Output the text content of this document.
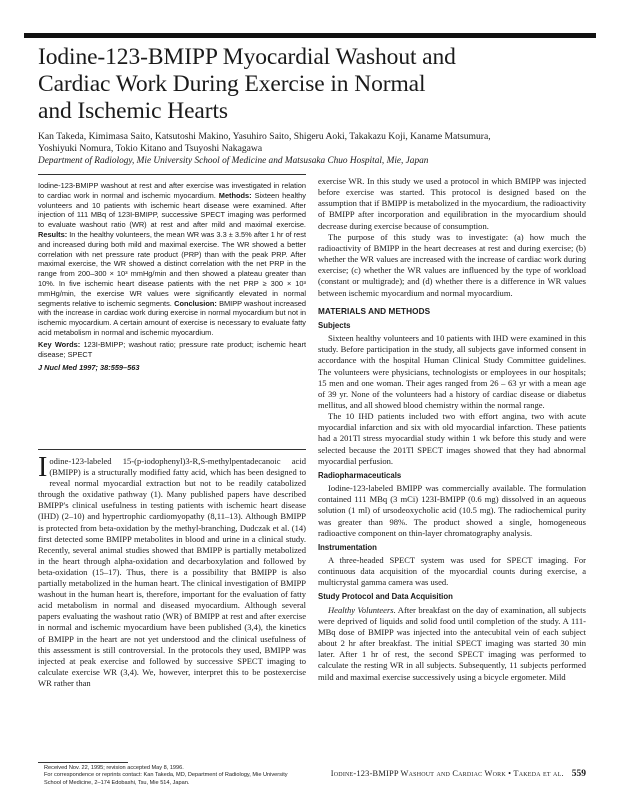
Iodine-123-BMIPP Myocardial Washout and
Cardiac Work During Exercise in Normal
and Ischemic Hearts
Kan Takeda, Kimimasa Saito, Katsutoshi Makino, Yasuhiro Saito, Shigeru Aoki, Takakazu Koji, Kaname Matsumura,
Yoshiyuki Nomura, Tokio Kitano and Tsuyoshi Nakagawa
Department of Radiology, Mie University School of Medicine and Matsusaka Chuo Hospital, Mie, Japan

Iodine-123-BMIPP washout at rest and after exercise was investigated in relation to cardiac work in normal and ischemic myocardium. Methods: Sixteen healthy volunteers and 10 patients with ischemic heart disease were examined. After injection of 111 MBq of 123I-BMIPP, successive SPECT imaging was performed to evaluate washout ratio (WR) at rest and after mild and maximal exercise. Results: In the healthy volunteers, the mean WR was 3.3 ± 3.5% after 1 hr of rest and increased during both mild and maximal exercise. The WR showed a better correlation with net pressure rate product (PRP) than with the peak PRP. After maximal exercise, the WR showed a distinct correlation with the net PRP in the range from 200–300 × 10³ mmHg/min and then showed a plateau greater than 10%. In five ischemic heart disease patients with the net PRP ≥ 300 × 10³ mmHg/min, the exercise WR values were significantly elevated in normal segments relative to ischemic segments. Conclusion: BMIPP washout increased with the increase in cardiac work during exercise in normal myocardium but not in ischemic myocardium. A certain amount of exercise is necessary to evaluate fatty acid metabolism in normal and ischemic myocardium.

Key Words: 123I-BMIPP; washout ratio; pressure rate product; ischemic heart disease; SPECT

J Nucl Med 1997; 38:559–563

Iodine-123-labeled 15-(p-iodophenyl)3-R,S-methylpentadecanoic acid (BMIPP) is a structurally modified fatty acid, which has been designed to reveal normal myocardial extraction but not to be readily catabolized through the oxidative pathway (1). Many published papers have described BMIPP's clinical usefulness in testing patients with ischemic heart disease (IHD) (2–10) and hypertrophic cardiomyopathy (8,11–13). Although BMIPP is protected from beta-oxidation by the methyl-branching, Dudczak et al. (14) first detected some BMIPP metabolites in blood and urine in a clinical study. Recently, several animal studies showed that BMIPP is partially metabolized in the heart through alpha-oxidation and decarboxylation and followed by beta-oxidation (15–17). Thus, there is a possibility that BMIPP is also partially metabolized in the human heart. The clinical investigation of BMIPP washout in the human heart is, therefore, important for the evaluation of fatty acid metabolism in normal and diseased myocardium. Although several papers evaluating the washout ratio (WR) of BMIPP at rest and after exercise in normal and ischemic myocardium have been published (3,4), the kinetics of BMIPP in the heart are not yet understood and the clinical usefulness of this assessment is still controversial. In the protocols they used, BMIPP was injected at peak exercise and followed by successive SPECT imaging to calculate exercise WR (3,4). We, however, interpret this to be postexercise WR rather than

Received Nov. 22, 1995; revision accepted May 8, 1996.

For correspondence or reprints contact: Kan Takeda, MD, Department of Radiology, Mie University School of Medicine, 2–174 Edobashi, Tsu, Mie 514, Japan.

exercise WR. In this study we used a protocol in which BMIPP was injected before exercise was started. This protocol is designed based on the assumption that if BMIPP is metabolized in the myocardium, the radioactivity of BMIPP after incorporation and equilibration in the myocardium should decrease during exercise because of consumption.

The purpose of this study was to investigate: (a) how much the radioactivity of BMIPP in the heart decreases at rest and during exercise; (b) whether the WR values are increased with the increase of cardiac work during exercise; (c) whether the WR values are influenced by the type of workload (constant or multigrade); and (d) whether there is a difference in WR values between ischemic myocardium and normal myocardium.

MATERIALS AND METHODS
Subjects

Sixteen healthy volunteers and 10 patients with IHD were examined in this study. Before participation in the study, all subjects gave informed consent in accordance with the hospital Human Clinical Study Committee guidelines. The volunteers were physicians, technologists or employees in our hospitals; 15 men and one woman. Their ages ranged from 26 – 63 yr with a mean age of 39 yr. None of the volunteers had a history of cardiac disease or diabetus mellitus, and all showed blood chemistry within the normal range.

The 10 IHD patients included two with effort angina, two with acute myocardial infarction and six with old myocardial infarction. These patients had a 201Tl stress myocardial study within 1 wk before this study and were selected because the 201Tl SPECT images showed that they had abnormal myocardial perfusion.

Radiopharmaceuticals

Iodine-123-labeled BMIPP was commercially available. The formulation contained 111 MBq (3 mCi) 123I-BMIPP (0.6 mg) dissolved in an aqueous solution (1 ml) of ursodeoxycholic acid (10.5 mg). The radiochemical purity was greater than 98%. The product showed a single, homogeneous radioactive component on thin-layer chromatography analysis.

Instrumentation

A three-headed SPECT system was used for SPECT imaging. For continuous data acquisition of the myocardial counts during exercise, a multicrystal gamma camera was used.

Study Protocol and Data Acquisition

Healthy Volunteers. After breakfast on the day of examination, all subjects were deprived of liquids and solid food until completion of the study. A 111-MBq dose of BMIPP was injected into the antecubital vein of each subject about 2 hr after breakfast. The initial SPECT imaging was started 30 min later. After 1 hr of rest, the second SPECT imaging was performed to calculate the resting WR in all subjects. Subsequently, 11 subjects performed mild and maximal exercise successively using a bicycle ergometer. Mild

Iodine-123-BMIPP Washout and Cardiac Work • Takeda et al. 559
